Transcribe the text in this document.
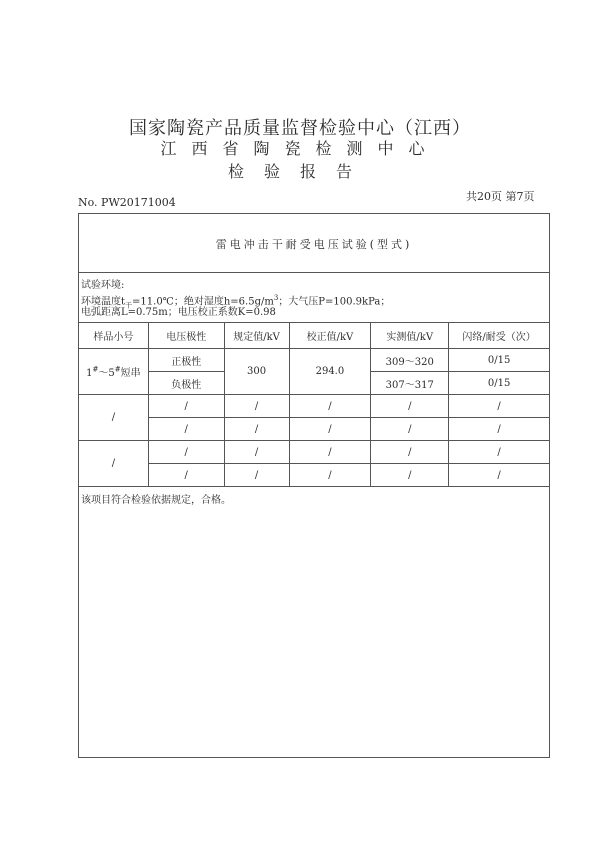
国家陶瓷产品质量监督检验中心（江西）
江西省陶瓷检测中心
检验报告
No. PW20171004	共20页 第7页
雷电冲击干耐受电压试验(型式)
试验环境:
环境温度$t_干=11.0℃$；绝对湿度$h=6.5g/m^3$；大气压P=100.9kPa；
电弧距离L=0.75m；电压校正系数K=0.98
样品小号	电压极性	规定值/kV	校正值/kV	实测值/kV	闪络/耐受（次）
1#～5#短串	正极性	300	294.0	309～320	0/15
	负极性			307～317	0/15
/	/	/	/	/	/
	/	/	/	/	/
/	/	/	/	/	/
	/	/	/	/	/
该项目符合检验依据规定，合格。
